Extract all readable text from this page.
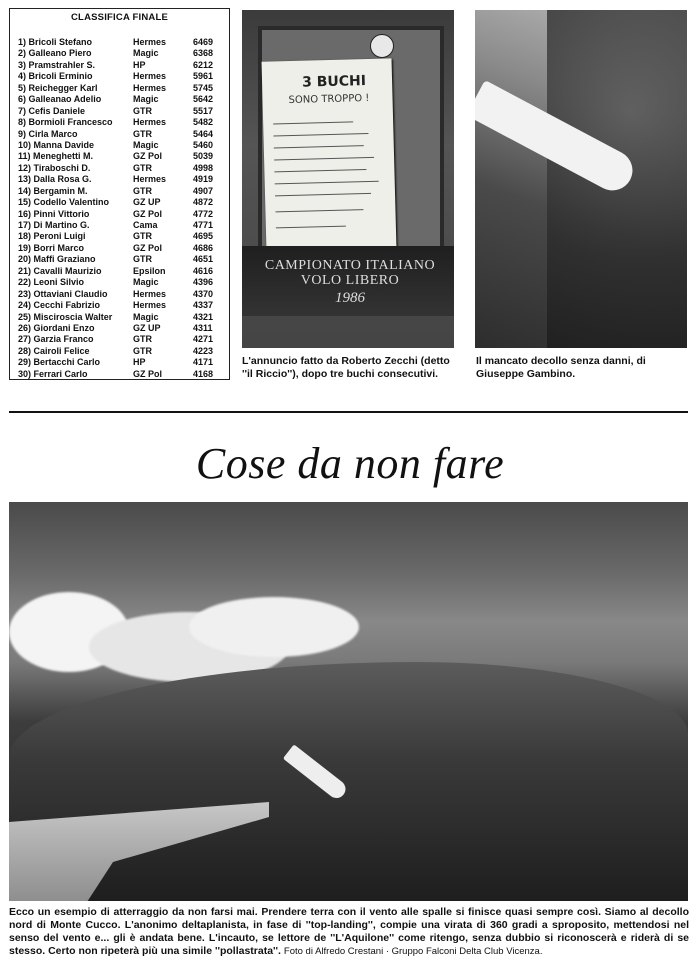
CLASSIFICA FINALE
1) Bricoli Stefano	Hermes	6469
2) Galleano Piero	Magic	6368
3) Pramstrahler S.	HP	6212
4) Bricoli Erminio	Hermes	5961
5) Reichegger Karl	Hermes	5745
6) Galleanao Adelio	Magic	5642
7) Cefis Daniele	GTR	5517
8) Bormioli Francesco	Hermes	5482
9) Cirla Marco	GTR	5464
10) Manna Davide	Magic	5460
11) Meneghetti M.	GZ Pol	5039
12) Tiraboschi D.	GTR	4998
13) Dalla Rosa G.	Hermes	4919
14) Bergamin M.	GTR	4907
15) Codello Valentino	GZ UP	4872
16) Pinni Vittorio	GZ Pol	4772
17) Di Martino G.	Cama	4771
18) Peroni Luigi	GTR	4695
19) Borri Marco	GZ Pol	4686
20) Maffi Graziano	GTR	4651
21) Cavalli Maurizio	Epsilon	4616
22) Leoni Silvio	Magic	4396
23) Ottaviani Claudio	Hermes	4370
24) Cecchi Fabrizio	Hermes	4337
25) Misciroscia Walter	Magic	4321
26) Giordani Enzo	GZ UP	4311
27) Garzia Franco	GTR	4271
28) Cairoli Felice	GTR	4223
29) Bertacchi Carlo	HP	4171
30) Ferrari Carlo	GZ Pol	4168
3 BUCHI
SONO TROPPO !
CAMPIONATO ITALIANO
VOLO LIBERO
1986
L'annuncio fatto da Roberto Zecchi (detto ''il Riccio''), dopo tre buchi consecutivi.
Il mancato decollo senza danni, di Giuseppe Gambino.
Cose da non fare
Ecco un esempio di atterraggio da non farsi mai. Prendere terra con il vento alle spalle si finisce quasi sempre così. Siamo al decollo nord di Monte Cucco. L'anonimo deltaplanista, in fase di ''top-landing'', compie una virata di 360 gradi a sproposito, mettendosi nel senso del vento e... gli è andata bene. L'incauto, se lettore de ''L'Aquilone'' come ritengo, senza dubbio si riconoscerà e riderà di se stesso. Certo non ripeterà più una simile ''pollastrata''. Foto di Alfredo Crestani · Gruppo Falconi Delta Club Vicenza.
